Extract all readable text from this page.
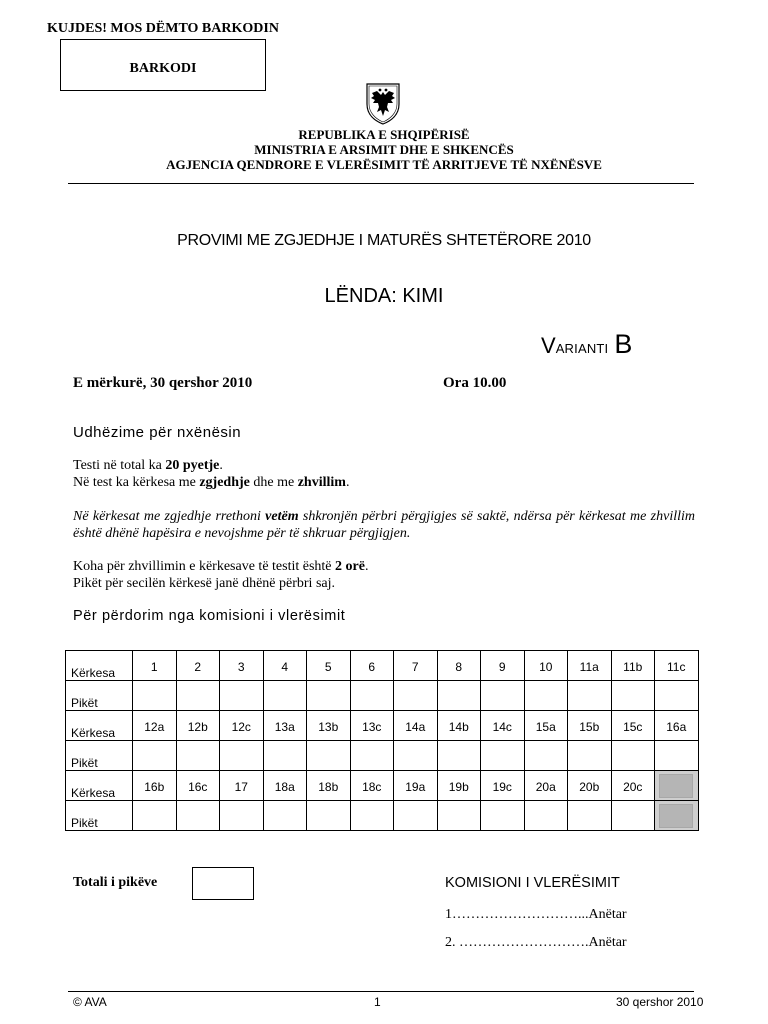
KUJDES! MOS DËMTO BARKODIN
BARKODI
REPUBLIKA E SHQIPËRISË
MINISTRIA E ARSIMIT DHE E SHKENCËS
AGJENCIA QENDRORE E VLERËSIMIT TË ARRITJEVE TË NXËNËSVE
PROVIMI ME ZGJEDHJE I MATURËS SHTETËRORE 2010
LËNDA: KIMI
VARIANTI B
E mërkurë, 30 qershor 2010	Ora 10.00
Udhëzime për nxënësin
Testi në total ka 20 pyetje.
Në test ka kërkesa me zgjedhje dhe me zhvillim.
Në kërkesat me zgjedhje rrethoni vetëm shkronjën përbri përgjigjes së saktë, ndërsa për kërkesat me zhvillim është dhënë hapësira e nevojshme për të shkruar përgjigjen.
Koha për zhvillimin e kërkesave të testit është 2 orë.
Pikët për secilën kërkesë janë dhënë përbri saj.
Për përdorim nga komisioni i vlerësimit
Kërkesa	1	2	3	4	5	6	7	8	9	10	11a	11b	11c
Pikët													
Kërkesa	12a	12b	12c	13a	13b	13c	14a	14b	14c	15a	15b	15c	16a
Pikët													
Kërkesa	16b	16c	17	18a	18b	18c	19a	19b	19c	20a	20b	20c	

Pikët													
Totali i pikëve	KOMISIONI I VLERËSIMIT
1………………………...Anëtar
2. ……………………….Anëtar
© AVA	1	30 qershor 2010
